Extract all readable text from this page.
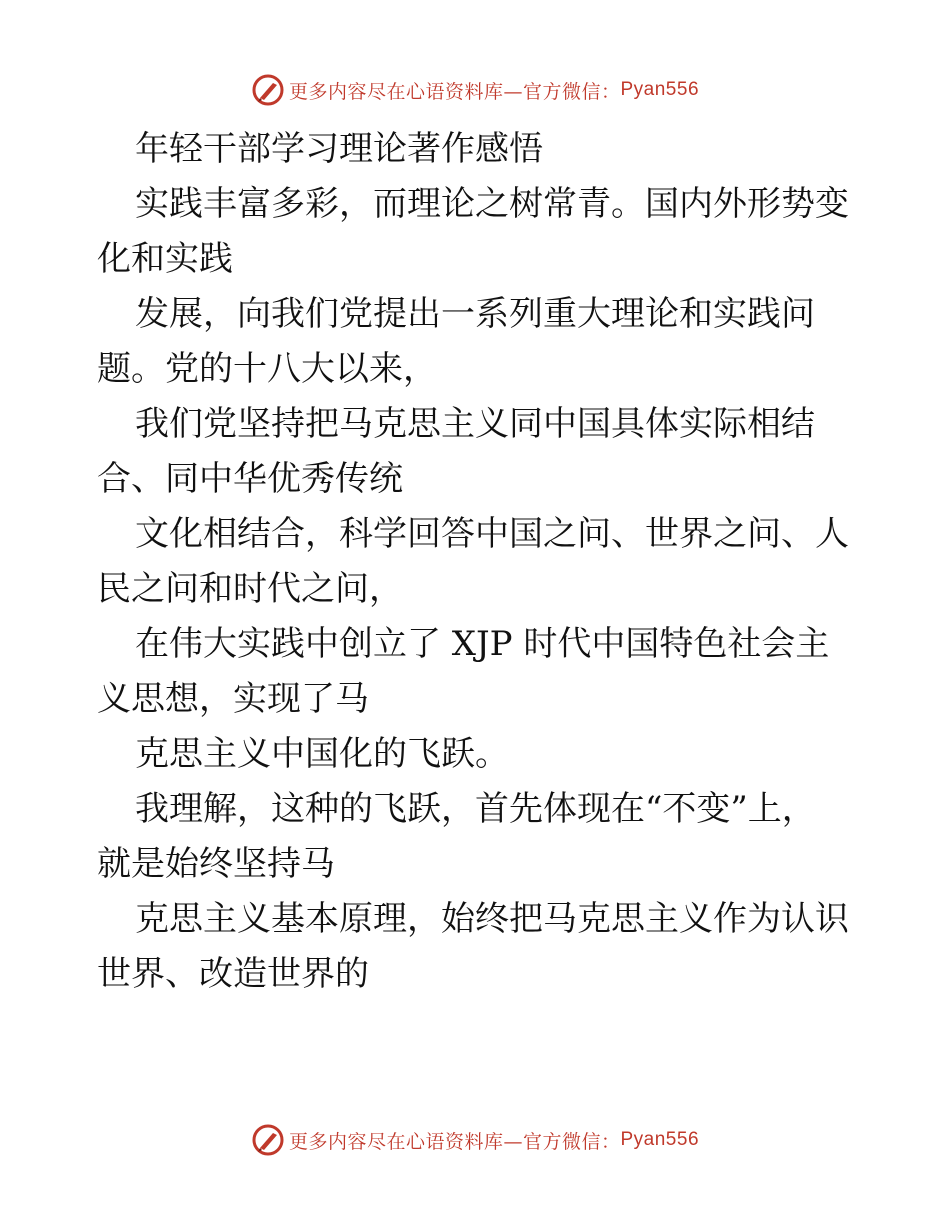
更多内容尽在心语资料库—官方微信： Pyan556
年轻干部学习理论著作感悟
实践丰富多彩，而理论之树常青。国内外形势变
化和实践
发展，向我们党提出一系列重大理论和实践问
题。党的十八大以来，
我们党坚持把马克思主义同中国具体实际相结
合、同中华优秀传统
文化相结合，科学回答中国之问、世界之问、人
民之问和时代之问，
在伟大实践中创立了 XJP 时代中国特色社会主
义思想，实现了马
克思主义中国化的飞跃。
我理解，这种的飞跃，首先体现在“不变”上，
就是始终坚持马
克思主义基本原理，始终把马克思主义作为认识
世界、改造世界的
更多内容尽在心语资料库—官方微信： Pyan556
